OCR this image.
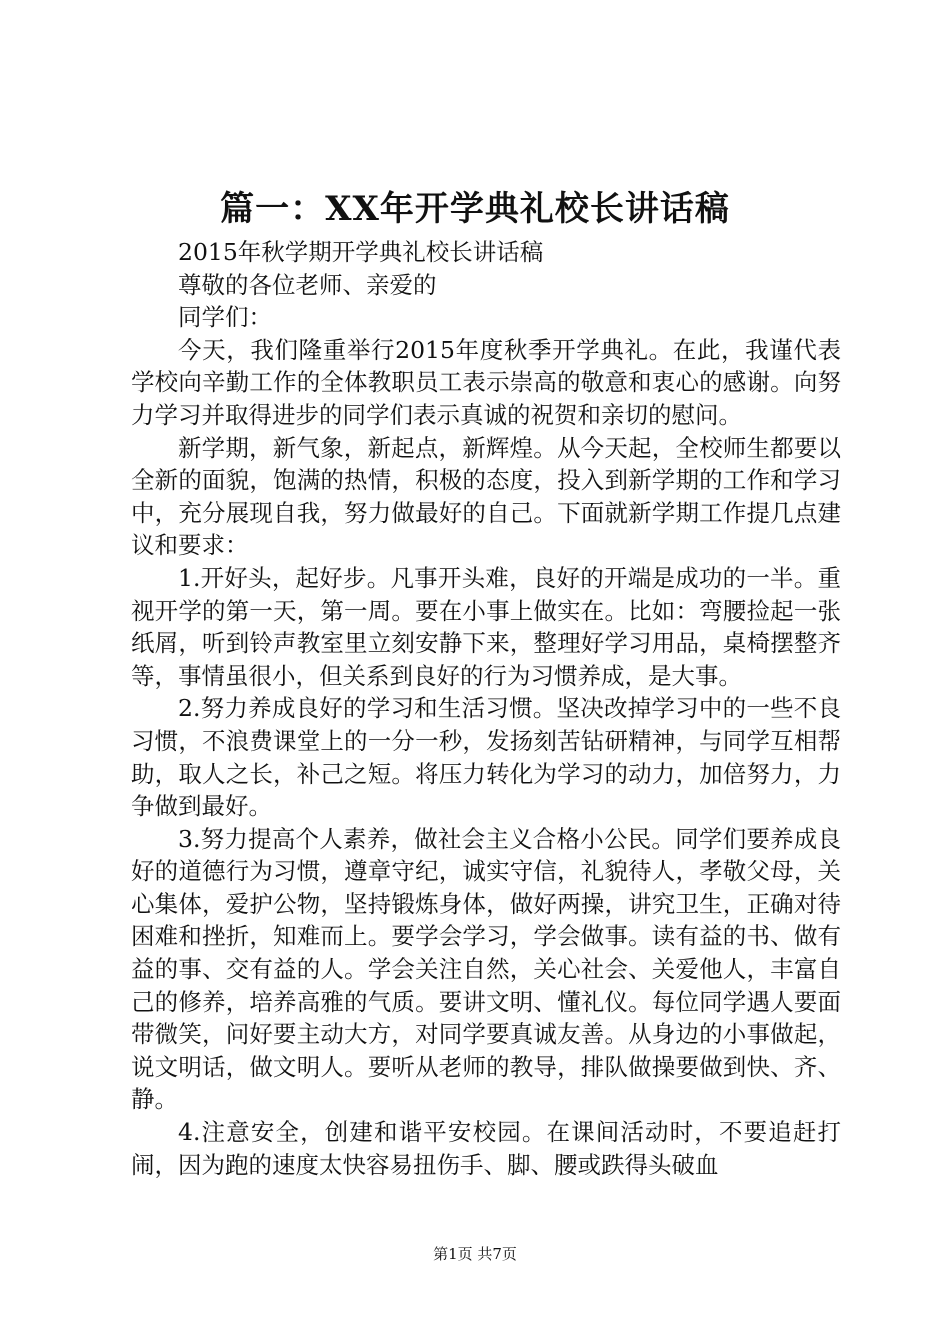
篇一：XX年开学典礼校长讲话稿

2015年秋学期开学典礼校长讲话稿

尊敬的各位老师、亲爱的

同学们：

今天，我们隆重举行2015年度秋季开学典礼。在此，我谨代表学校向辛勤工作的全体教职员工表示崇高的敬意和衷心的感谢。向努力学习并取得进步的同学们表示真诚的祝贺和亲切的慰问。

新学期，新气象，新起点，新辉煌。从今天起，全校师生都要以全新的面貌，饱满的热情，积极的态度，投入到新学期的工作和学习中，充分展现自我，努力做最好的自己。下面就新学期工作提几点建议和要求：

1.开好头，起好步。凡事开头难，良好的开端是成功的一半。重视开学的第一天，第一周。要在小事上做实在。比如：弯腰捡起一张纸屑，听到铃声教室里立刻安静下来，整理好学习用品，桌椅摆整齐等，事情虽很小，但关系到良好的行为习惯养成，是大事。

2.努力养成良好的学习和生活习惯。坚决改掉学习中的一些不良习惯，不浪费课堂上的一分一秒，发扬刻苦钻研精神，与同学互相帮助，取人之长，补己之短。将压力转化为学习的动力，加倍努力，力争做到最好。

3.努力提高个人素养，做社会主义合格小公民。同学们要养成良好的道德行为习惯，遵章守纪，诚实守信，礼貌待人，孝敬父母，关心集体，爱护公物，坚持锻炼身体，做好两操，讲究卫生，正确对待困难和挫折，知难而上。要学会学习，学会做事。读有益的书、做有益的事、交有益的人。学会关注自然，关心社会、关爱他人，丰富自己的修养，培养高雅的气质。要讲文明、懂礼仪。每位同学遇人要面带微笑，问好要主动大方，对同学要真诚友善。从身边的小事做起，说文明话，做文明人。要听从老师的教导，排队做操要做到快、齐、静。

4.注意安全，创建和谐平安校园。在课间活动时，不要追赶打闹，因为跑的速度太快容易扭伤手、脚、腰或跌得头破血

第1页 共7页
